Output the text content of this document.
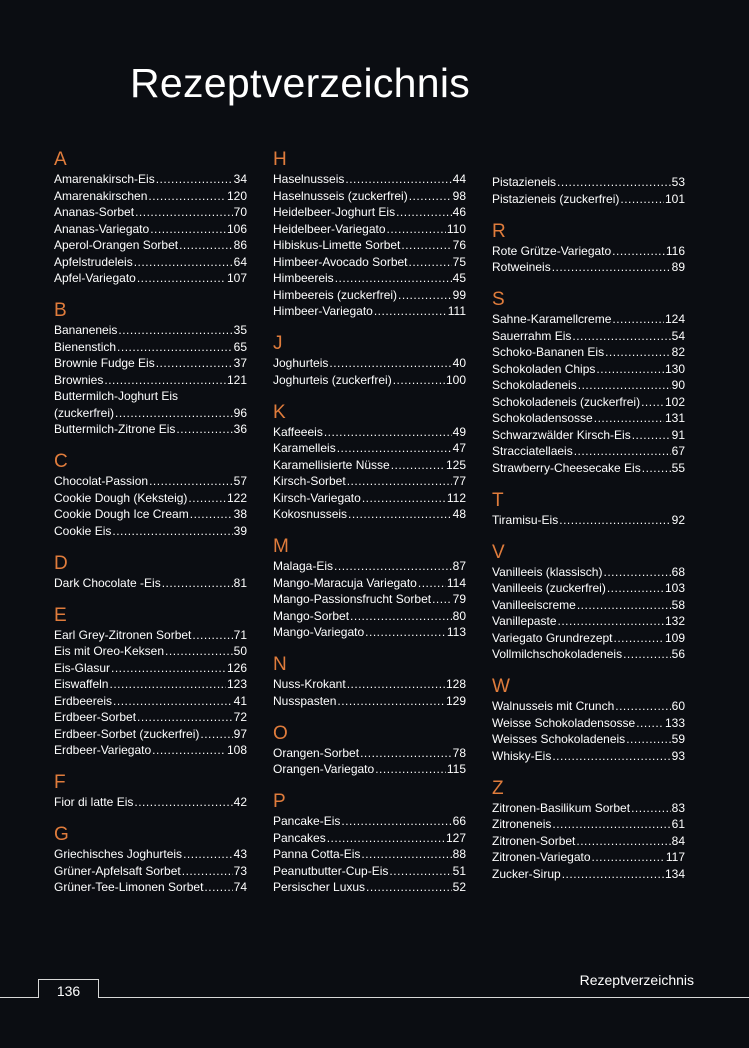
Rezeptverzeichnis
A
Amarenakirsch-Eis .....	34
Amarenakirschen .....	120
Ananas-Sorbet .....	70
Ananas-Variegato .....	106
Aperol-Orangen Sorbet .....	86
Apfelstrudeleis .....	64
Apfel-Variegato .....	107
B
Bananeneis .....	35
Bienenstich .....	65
Brownie Fudge Eis .....	37
Brownies .....	121
Buttermilch-Joghurt Eis
(zuckerfrei) .....	96
Buttermilch-Zitrone Eis .....	36
C
Chocolat-Passion .....	57
Cookie Dough (Keksteig) .....	122
Cookie Dough Ice Cream .....	38
Cookie Eis .....	39
D
Dark Chocolate -Eis .....	81
E
Earl Grey-Zitronen Sorbet .....	71
Eis mit Oreo-Keksen .....	50
Eis-Glasur .....	126
Eiswaffeln .....	123
Erdbeereis .....	41
Erdbeer-Sorbet .....	72
Erdbeer-Sorbet (zuckerfrei) .....	97
Erdbeer-Variegato .....	108
F
Fior di latte Eis .....	42
G
Griechisches Joghurteis .....	43
Grüner-Apfelsaft Sorbet .....	73
Grüner-Tee-Limonen Sorbet .....	74
H
Haselnusseis .....	44
Haselnusseis (zuckerfrei) .....	98
Heidelbeer-Joghurt Eis .....	46
Heidelbeer-Variegato .....	110
Hibiskus-Limette Sorbet .....	76
Himbeer-Avocado Sorbet .....	75
Himbeereis .....	45
Himbeereis (zuckerfrei) .....	99
Himbeer-Variegato .....	111
J
Joghurteis .....	40
Joghurteis (zuckerfrei) .....	100
K
Kaffeeeis .....	49
Karamelleis .....	47
Karamellisierte Nüsse .....	125
Kirsch-Sorbet .....	77
Kirsch-Variegato .....	112
Kokosnusseis .....	48
M
Malaga-Eis .....	87
Mango-Maracuja Variegato .....	114
Mango-Passionsfrucht Sorbet ..... 79
Mango-Sorbet .....	80
Mango-Variegato .....	113
N
Nuss-Krokant .....	128
Nusspasten .....	129
O
Orangen-Sorbet .....	78
Orangen-Variegato .....	115
P
Pancake-Eis .....	66
Pancakes .....	127
Panna Cotta-Eis .....	88
Peanutbutter-Cup-Eis .....	51
Persischer Luxus .....	52
Pistazieneis .....	53
Pistazieneis (zuckerfrei) .....	101
R
Rote Grütze-Variegato .....	116
Rotweineis .....	89
S
Sahne-Karamellcreme .....	124
Sauerrahm Eis .....	54
Schoko-Bananen Eis .....	82
Schokoladen Chips .....	130
Schokoladeneis .....	90
Schokoladeneis (zuckerfrei) ..... 102
Schokoladensosse .....	131
Schwarzwälder Kirsch-Eis .....	91
Stracciatellaeis .....	67
Strawberry-Cheesecake Eis .....	55
T
Tiramisu-Eis .....	92
V
Vanilleeis (klassisch) .....	68
Vanilleeis (zuckerfrei) .....	103
Vanilleeiscreme .....	58
Vanillepaste .....	132
Variegato Grundrezept .....	109
Vollmilchschokoladeneis .....	56
W
Walnusseis mit Crunch .....	60
Weisse Schokoladensosse ..... 133
Weisses Schokoladeneis .....	59
Whisky-Eis .....	93
Z
Zitronen-Basilikum Sorbet .....	83
Zitroneneis .....	61
Zitronen-Sorbet .....	84
Zitronen-Variegato .....	117
Zucker-Sirup .....	134
136
Rezeptverzeichnis
